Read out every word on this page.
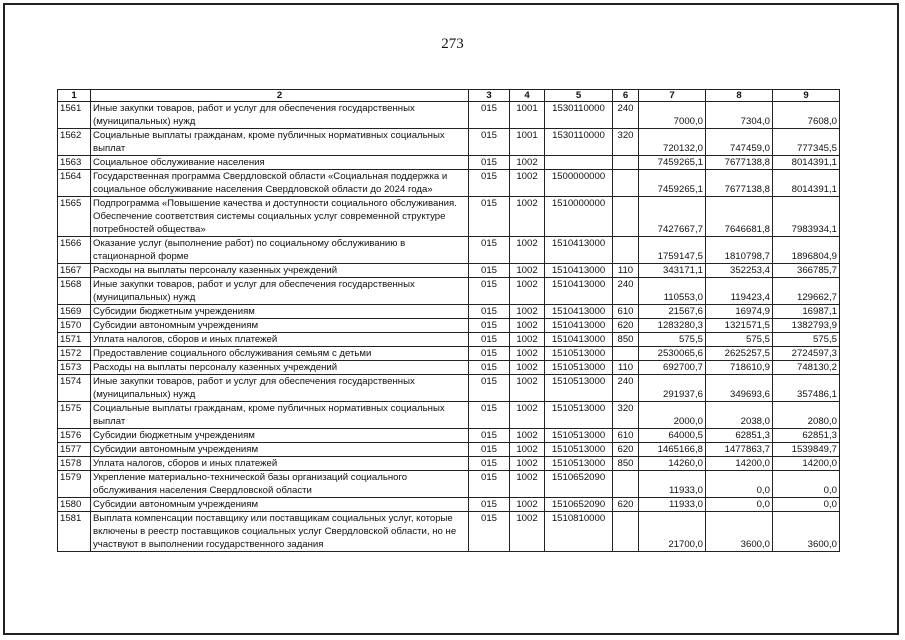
273
1	2	3	4	5	6	7	8	9
1561	Иные закупки товаров, работ и услуг для обеспечения государственных (муниципальных) нужд	015	1001	1530110000	240	7000,0	7304,0	7608,0
1562	Социальные выплаты гражданам, кроме публичных нормативных социальных выплат	015	1001	1530110000	320	720132,0	747459,0	777345,5
1563	Социальное обслуживание населения	015	1002			7459265,1	7677138,8	8014391,1
1564	Государственная программа Свердловской области «Социальная поддержка и социальное обслуживание населения Свердловской области до 2024 года»	015	1002	1500000000		7459265,1	7677138,8	8014391,1
1565	Подпрограмма «Повышение качества и доступности социального обслуживания. Обеспечение соответствия системы социальных услуг современной структуре потребностей общества»	015	1002	1510000000		7427667,7	7646681,8	7983934,1
1566	Оказание услуг (выполнение работ) по социальному обслуживанию в стационарной форме	015	1002	1510413000		1759147,5	1810798,7	1896804,9
1567	Расходы на выплаты персоналу казенных учреждений	015	1002	1510413000	110	343171,1	352253,4	366785,7
1568	Иные закупки товаров, работ и услуг для обеспечения государственных (муниципальных) нужд	015	1002	1510413000	240	110553,0	119423,4	129662,7
1569	Субсидии бюджетным учреждениям	015	1002	1510413000	610	21567,6	16974,9	16987,1
1570	Субсидии автономным учреждениям	015	1002	1510413000	620	1283280,3	1321571,5	1382793,9
1571	Уплата налогов, сборов и иных платежей	015	1002	1510413000	850	575,5	575,5	575,5
1572	Предоставление социального обслуживания семьям с детьми	015	1002	1510513000		2530065,6	2625257,5	2724597,3
1573	Расходы на выплаты персоналу казенных учреждений	015	1002	1510513000	110	692700,7	718610,9	748130,2
1574	Иные закупки товаров, работ и услуг для обеспечения государственных (муниципальных) нужд	015	1002	1510513000	240	291937,6	349693,6	357486,1
1575	Социальные выплаты гражданам, кроме публичных нормативных социальных выплат	015	1002	1510513000	320	2000,0	2038,0	2080,0
1576	Субсидии бюджетным учреждениям	015	1002	1510513000	610	64000,5	62851,3	62851,3
1577	Субсидии автономным учреждениям	015	1002	1510513000	620	1465166,8	1477863,7	1539849,7
1578	Уплата налогов, сборов и иных платежей	015	1002	1510513000	850	14260,0	14200,0	14200,0
1579	Укрепление материально-технической базы организаций социального обслуживания населения Свердловской области	015	1002	1510652090		11933,0	0,0	0,0
1580	Субсидии автономным учреждениям	015	1002	1510652090	620	11933,0	0,0	0,0
1581	Выплата компенсации поставщику или поставщикам социальных услуг, которые включены в реестр поставщиков социальных услуг Свердловской области, но не участвуют в выполнении государственного задания	015	1002	1510810000		21700,0	3600,0	3600,0
